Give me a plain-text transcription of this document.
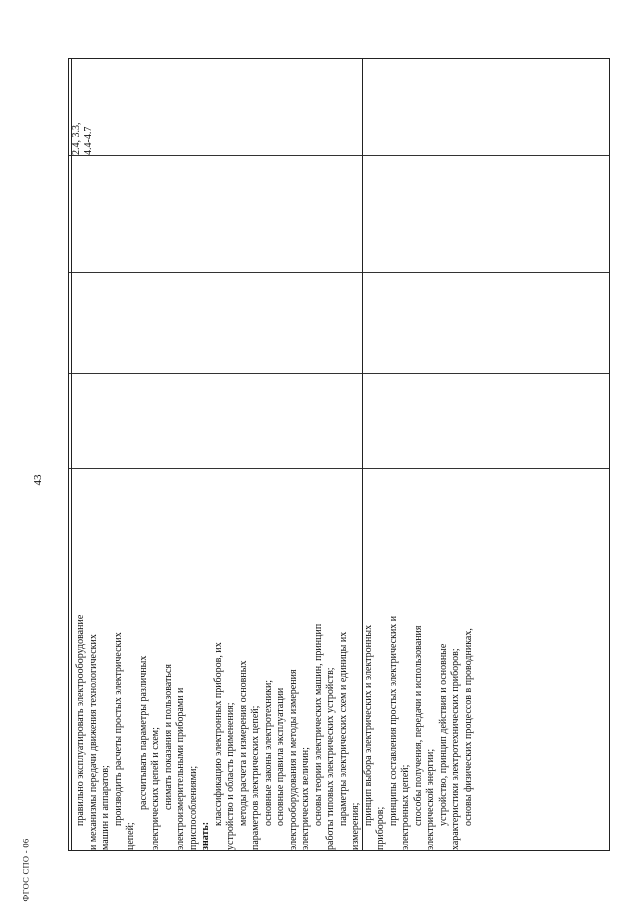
43
ФГОС СПО - 06
2.4, 3.3, 4.4-4.7
правильно эксплуатировать электрооборудование и механизмы передачи движения технологических машин и аппаратов; производить расчеты простых электрических
цепей;
рассчитывать параметры различных электрических цепей и схем; снимать показания и пользоваться электроизмерительными приборами и приспособлениями; знать:
классификацию электронных приборов, их устройство и область применения; методы расчета и измерения основных параметров электрических цепей; основные законы электротехники; основные правила эксплуатации электрооборудования и методы измерения электрических величин; основы теории электрических машин, принцип работы типовых электрических устройств; параметры электрических схем и единицы их
измерения;
принцип выбора электрических и электронных
приборов;
принципы составления простых электрических и электронных цепей; способы получения, передачи и использования электрической энергии; устройство, принцип действия и основные характеристики электротехнических приборов; основы физических процессов в проводниках,
